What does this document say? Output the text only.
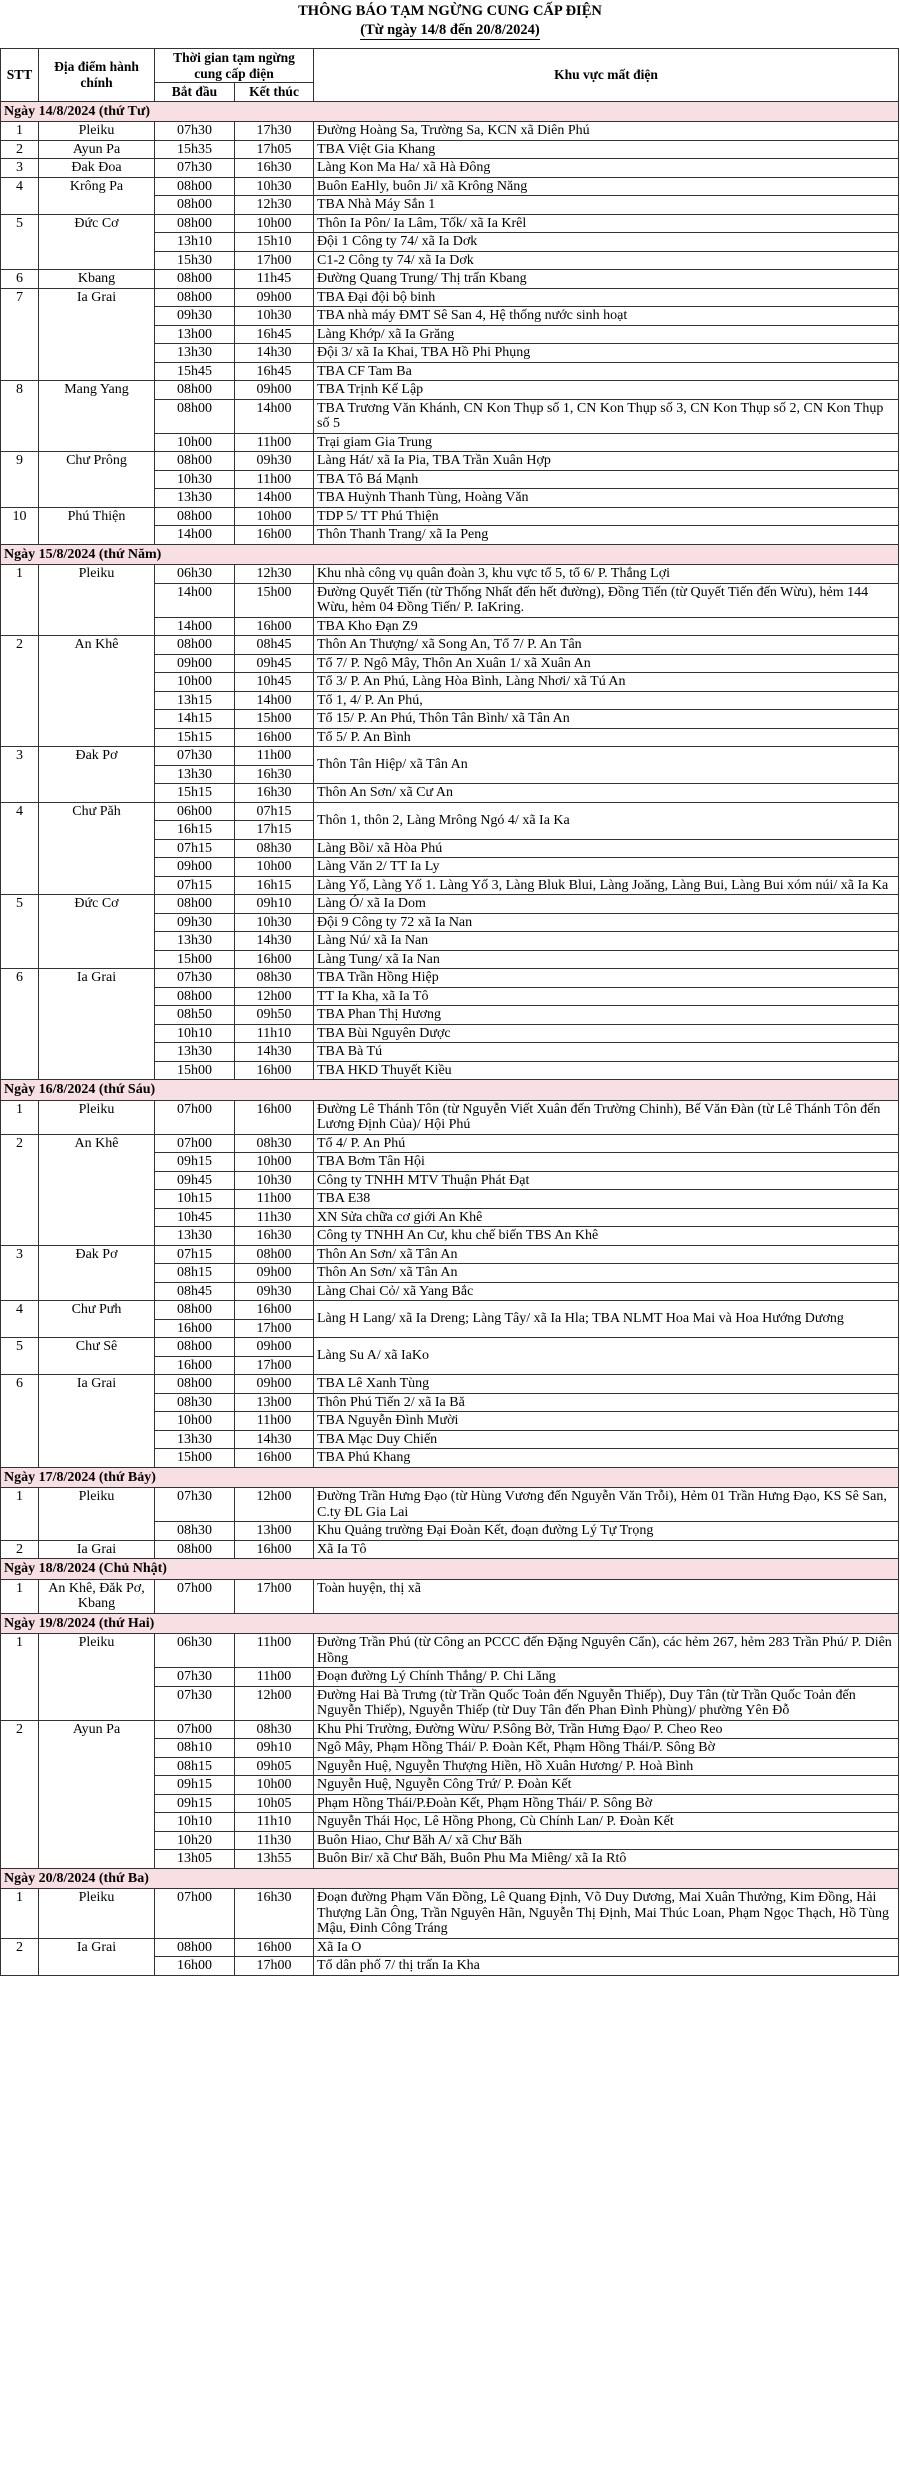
THÔNG BÁO TẠM NGỪNG CUNG CẤP ĐIỆN
(Từ ngày 14/8 đến 20/8/2024)
STT	Địa điểm hành chính	Thời gian tạm ngừng cung cấp điện		Khu vực mất điện
		Bắt đầu	Kết thúc	
Ngày 14/8/2024 (thứ Tư)				
1	Pleiku	07h30	17h30	Đường Hoàng Sa, Trường Sa, KCN xã Diên Phú
2	Ayun Pa	15h35	17h05	TBA Việt Gia Khang
3	Đak Đoa	07h30	16h30	Làng Kon Ma Ha/ xã Hà Đông
4	Krông Pa	08h00	10h30	Buôn EaHly, buôn Ji/ xã Krông Năng
		08h00	12h30	TBA Nhà Máy Sắn 1
5	Đức Cơ	08h00	10h00	Thôn Ia Pôn/ Ia Lâm, Tốk/ xã Ia Krêl
		13h10	15h10	Đội 1 Công ty 74/ xã Ia Dơk
		15h30	17h00	C1-2 Công ty 74/ xã Ia Dơk
6	Kbang	08h00	11h45	Đường Quang Trung/ Thị trấn Kbang
7	Ia Grai	08h00	09h00	TBA Đại đội bộ binh
		09h30	10h30	TBA nhà máy ĐMT Sê San 4, Hệ thống nước sinh hoạt
		13h00	16h45	Làng Khớp/ xã Ia Grăng
		13h30	14h30	Đội 3/ xã Ia Khai, TBA Hồ Phi Phụng
		15h45	16h45	TBA CF Tam Ba
8	Mang Yang	08h00	09h00	TBA Trịnh Kế Lập
		08h00	14h00	TBA Trương Văn Khánh, CN Kon Thụp số 1, CN Kon Thụp số 3, CN Kon Thụp số 2, CN Kon Thụp số 5
		10h00	11h00	Trại giam Gia Trung
9	Chư Prông	08h00	09h30	Làng Hát/ xã Ia Pia, TBA Trần Xuân Hợp
		10h30	11h00	TBA Tô Bá Mạnh
		13h30	14h00	TBA Huỳnh Thanh Tùng, Hoàng Văn
10	Phú Thiện	08h00	10h00	TDP 5/ TT Phú Thiện
		14h00	16h00	Thôn Thanh Trang/ xã Ia Peng
Ngày 15/8/2024 (thứ Năm)				
1	Pleiku	06h30	12h30	Khu nhà công vụ quân đoàn 3, khu vực tổ 5, tổ 6/ P. Thắng Lợi
		14h00	15h00	Đường Quyết Tiến (từ Thống Nhất đến hết đường), Đồng Tiến (từ Quyết Tiến đến Wừu), hẻm 144 Wừu, hẻm 04 Đồng Tiến/ P. IaKring.
		14h00	16h00	TBA Kho Đạn Z9
2	An Khê	08h00	08h45	Thôn An Thượng/ xã Song An, Tổ 7/ P. An Tân
		09h00	09h45	Tổ 7/ P. Ngô Mây, Thôn An Xuân 1/ xã Xuân An
		10h00	10h45	Tổ 3/ P. An Phú, Làng Hòa Bình, Làng Nhơi/ xã Tú An
		13h15	14h00	Tổ 1, 4/ P. An Phú,
		14h15	15h00	Tổ 15/ P. An Phú, Thôn Tân Bình/ xã Tân An
		15h15	16h00	Tổ 5/ P. An Bình
3	Đak Pơ	07h30	11h00	Thôn Tân Hiệp/ xã Tân An
		13h30	16h30	
		15h15	16h30	Thôn An Sơn/ xã Cư An
4	Chư Păh	06h00	07h15	Thôn 1, thôn 2, Làng Mrông Ngó 4/ xã Ia Ka
		16h15	17h15	
		07h15	08h30	Làng Bồi/ xã Hòa Phú
		09h00	10h00	Làng Văn 2/ TT Ia Ly
		07h15	16h15	Làng Yố, Làng Yố 1. Làng Yố 3, Làng Bluk Blui, Làng Joăng, Làng Bui, Làng Bui xóm núi/ xã Ia Ka
5	Đức Cơ	08h00	09h10	Làng Ó/ xã Ia Dom
		09h30	10h30	Đội 9 Công ty 72 xã Ia Nan
		13h30	14h30	Làng Nú/ xã Ia Nan
		15h00	16h00	Làng Tung/ xã Ia Nan
6	Ia Grai	07h30	08h30	TBA Trần Hồng Hiệp
		08h00	12h00	TT Ia Kha, xã Ia Tô
		08h50	09h50	TBA Phan Thị Hương
		10h10	11h10	TBA Bùi Nguyên Dược
		13h30	14h30	TBA Bà Tú
		15h00	16h00	TBA HKD Thuyết Kiều
Ngày 16/8/2024 (thứ Sáu)				
1	Pleiku	07h00	16h00	Đường Lê Thánh Tôn (từ Nguyễn Viết Xuân đến Trường Chinh), Bế Văn Đàn (từ Lê Thánh Tôn đến Lương Định Của)/ Hội Phú
2	An Khê	07h00	08h30	Tổ 4/ P. An Phú
		09h15	10h00	TBA Bơm Tân Hội
		09h45	10h30	Công ty TNHH MTV Thuận Phát Đạt
		10h15	11h00	TBA E38
		10h45	11h30	XN Sửa chữa cơ giới An Khê
		13h30	16h30	Công ty TNHH An Cư, khu chế biến TBS An Khê
3	Đak Pơ	07h15	08h00	Thôn An Sơn/ xã Tân An
		08h15	09h00	Thôn An Sơn/ xã Tân An
		08h45	09h30	Làng Chai Cỏ/ xã Yang Bắc
4	Chư Pưh	08h00	16h00	Làng H Lang/ xã Ia Dreng; Làng Tây/ xã Ia Hla; TBA NLMT Hoa Mai và Hoa Hướng Dương
		16h00	17h00	
5	Chư Sê	08h00	09h00	Làng Su A/ xã IaKo
		16h00	17h00	
6	Ia Grai	08h00	09h00	TBA Lê Xanh Tùng
		08h30	13h00	Thôn Phú Tiến 2/ xã Ia Bă
		10h00	11h00	TBA Nguyễn Đình Mười
		13h30	14h30	TBA Mạc Duy Chiến
		15h00	16h00	TBA Phú Khang
Ngày 17/8/2024 (thứ Bảy)				
1	Pleiku	07h30	12h00	Đường Trần Hưng Đạo (từ Hùng Vương đến Nguyễn Văn Trỗi), Hẻm 01 Trần Hưng Đạo, KS Sê San, C.ty ĐL Gia Lai
		08h30	13h00	Khu Quảng trường Đại Đoàn Kết, đoạn đường Lý Tự Trọng
2	Ia Grai	08h00	16h00	Xã Ia Tô
Ngày 18/8/2024 (Chủ Nhật)				
1	An Khê, Đăk Pơ, Kbang	07h00	17h00	Toàn huyện, thị xã
Ngày 19/8/2024 (thứ Hai)				
1	Pleiku	06h30	11h00	Đường Trần Phú (từ Công an PCCC đến Đặng Nguyên Cẩn), các hẻm 267, hẻm 283 Trần Phú/ P. Diên Hồng
		07h30	11h00	Đoạn đường Lý Chính Thắng/ P. Chi Lăng
		07h30	12h00	Đường Hai Bà Trưng (từ Trần Quốc Toản đến Nguyễn Thiếp), Duy Tân (từ Trần Quốc Toản đến Nguyễn Thiếp), Nguyễn Thiếp (từ Duy Tân đến Phan Đình Phùng)/ phường Yên Đỗ
2	Ayun Pa	07h00	08h30	Khu Phi Trường, Đường Wừu/ P.Sông Bờ, Trần Hưng Đạo/ P. Cheo Reo
		08h10	09h10	Ngô Mây, Phạm Hồng Thái/ P. Đoàn Kết, Phạm Hồng Thái/P. Sông Bờ
		08h15	09h05	Nguyễn Huệ, Nguyễn Thượng Hiền, Hồ Xuân Hương/ P. Hoà Bình
		09h15	10h00	Nguyễn Huệ, Nguyễn Công Trứ/ P. Đoàn Kết
		09h15	10h05	Phạm Hồng Thái/P.Đoàn Kết, Phạm Hồng Thái/ P. Sông Bờ
		10h10	11h10	Nguyễn Thái Học, Lê Hồng Phong, Cù Chính Lan/ P. Đoàn Kết
		10h20	11h30	Buôn Hiao, Chư Băh A/ xã Chư Băh
		13h05	13h55	Buôn Bir/ xã Chư Băh, Buôn Phu Ma Miêng/ xã Ia Rtô
Ngày 20/8/2024 (thứ Ba)				
1	Pleiku	07h00	16h30	Đoạn đường Phạm Văn Đồng, Lê Quang Định, Võ Duy Dương, Mai Xuân Thưởng, Kim Đồng, Hải Thượng Lãn Ông, Trần Nguyên Hãn, Nguyễn Thị Định, Mai Thúc Loan, Phạm Ngọc Thạch, Hồ Tùng Mậu, Đinh Công Tráng
2	Ia Grai	08h00	16h00	Xã Ia O
		16h00	17h00	Tổ dân phố 7/ thị trấn Ia Kha
